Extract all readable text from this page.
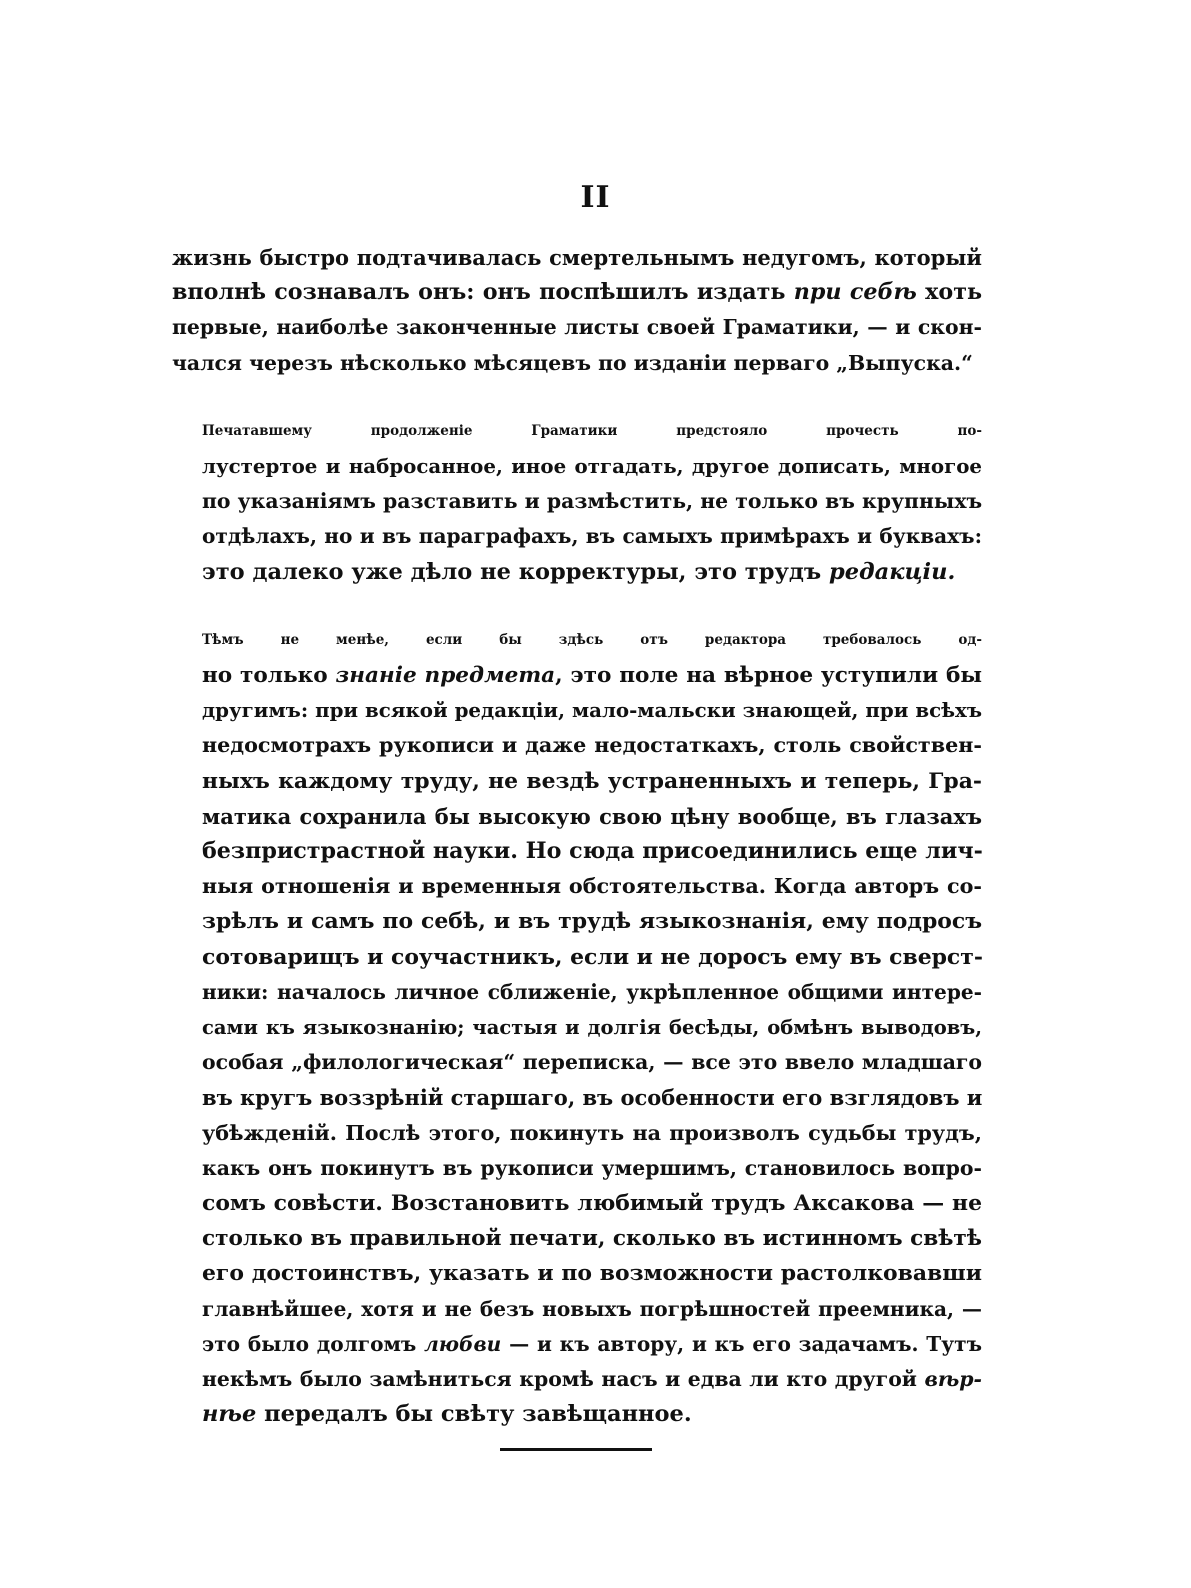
II

жизнь быстро подтачивалась смертельнымъ недугомъ, который
вполнѣ сознавалъ онъ: онъ поспѣшилъ издать при себѣ хоть
первые, наиболѣе законченные листы своей Граматики, — и скон-
чался черезъ нѣсколько мѣсяцевъ по изданіи перваго „Выпуска.“

Печатавшему продолженіе Граматики предстояло прочесть по-
лустертое и набросанное, иное отгадать, другое дописать, многое
по указаніямъ разставить и размѣстить, не только въ крупныхъ
отдѣлахъ, но и въ параграфахъ, въ самыхъ примѣрахъ и буквахъ:
это далеко уже дѣло не корректуры, это трудъ редакціи.

Тѣмъ не менѣе, если бы здѣсь отъ редактора требовалось од-
но только знаніе предмета, это поле на вѣрное уступили бы
другимъ: при всякой редакціи, мало-мальски знающей, при всѣхъ
недосмотрахъ рукописи и даже недостаткахъ, столь свойствен-
ныхъ каждому труду, не вездѣ устраненныхъ и теперь, Гра-
матика сохранила бы высокую свою цѣну вообще, въ глазахъ
безпристрастной науки. Но сюда присоединились еще лич-
ныя отношенія и временныя обстоятельства. Когда авторъ со-
зрѣлъ и самъ по себѣ, и въ трудѣ языкознанія, ему подросъ
сотоварищъ и соучастникъ, если и не доросъ ему въ сверст-
ники: началось личное сближеніе, укрѣпленное общими интере-
сами къ языкознанію; частыя и долгія бесѣды, обмѣнъ выводовъ,
особая „филологическая“ переписка, — все это ввело младшаго
въ кругъ воззрѣній старшаго, въ особенности его взглядовъ и
убѣжденій. Послѣ этого, покинуть на произволъ судьбы трудъ,
какъ онъ покинутъ въ рукописи умершимъ, становилось вопро-
сомъ совѣсти. Возстановить любимый трудъ Аксакова — не
столько въ правильной печати, сколько въ истинномъ свѣтѣ
его достоинствъ, указать и по возможности растолковавши
главнѣйшее, хотя и не безъ новыхъ погрѣшностей преемника, —
это было долгомъ любви — и къ автору, и къ его задачамъ. Тутъ
некѣмъ было замѣниться кромѣ насъ и едва ли кто другой вѣр-
нѣе передалъ бы свѣту завѣщанное.
